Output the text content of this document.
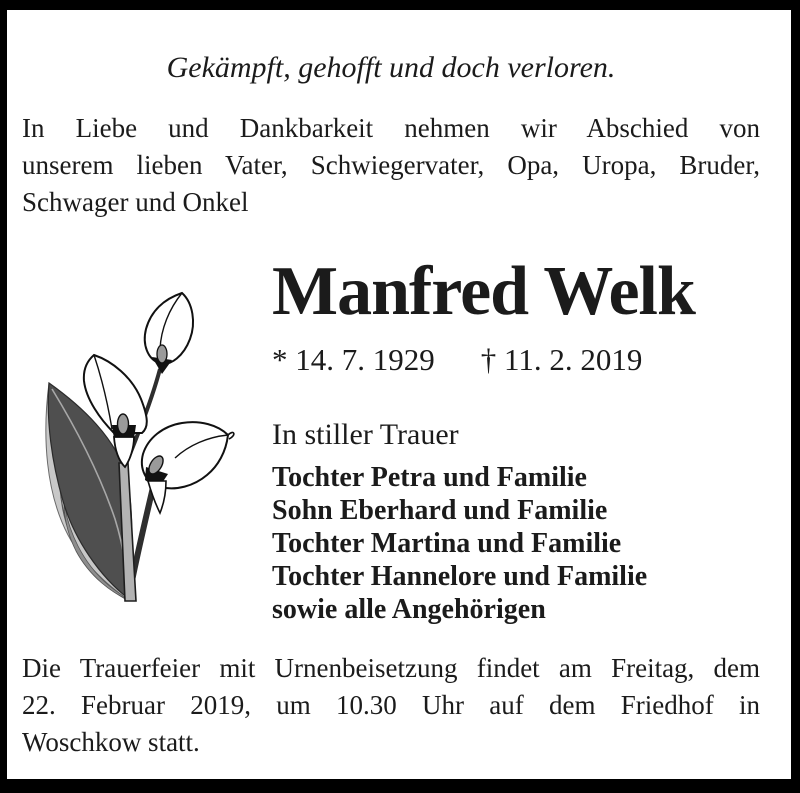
Gekämpft, gehofft und doch verloren.
In Liebe und Dankbarkeit nehmen wir Abschied von
unserem lieben Vater, Schwiegervater, Opa, Uropa, Bruder,
Schwager und Onkel
Manfred Welk
* 14. 7. 1929 † 11. 2. 2019
In stiller Trauer
Tochter Petra und Familie
Sohn Eberhard und Familie
Tochter Martina und Familie
Tochter Hannelore und Familie
sowie alle Angehörigen
Die Trauerfeier mit Urnenbeisetzung findet am Freitag, dem
22. Februar 2019, um 10.30 Uhr auf dem Friedhof in
Woschkow statt.
